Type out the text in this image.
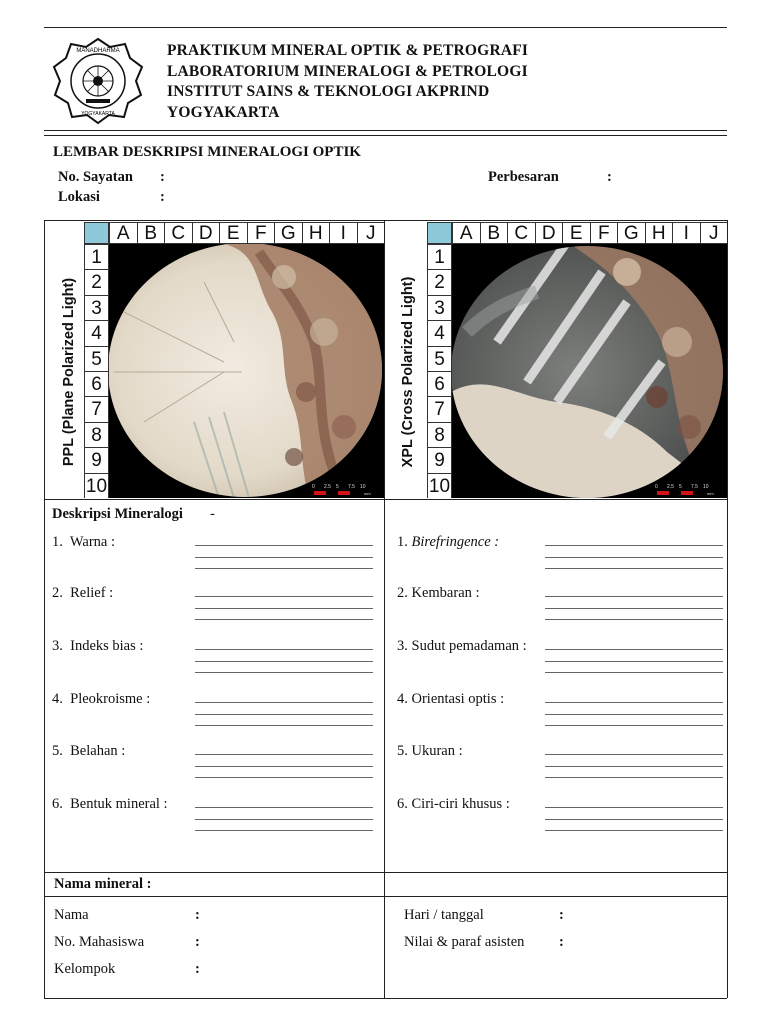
MANADHARMA
YOGYAKARTA
PRAKTIKUM MINERAL OPTIK & PETROGRAFI
LABORATORIUM MINERALOGI & PETROLOGI
INSTITUT SAINS & TEKNOLOGI AKPRIND
YOGYAKARTA
LEMBAR DESKRIPSI MINERALOGI OPTIK
No. Sayatan :
Lokasi	:
Perbesaran	:
PPL (Plane Polarized Light)	XPL (Cross Polarized Light)
A B C D E F G H I	J
1
2
3
4
5
6
7
8
9
10	0 2.5 5 7.5 10
mm
A B C D E F G H I	J
1
2
3
4
5
6
7
8
9
10	0 2.5 5 7.5 10
mm
Deskripsi Mineralogi -
1.  Warna :
2.  Relief :
3.  Indeks bias :
4.  Pleokroisme :
5.  Belahan :
6.  Bentuk mineral :
1. Birefringence :
2. Kembaran :
3. Sudut pemadaman :
4. Orientasi optis :
5. Ukuran :
6. Ciri-ciri khusus :
Nama mineral :
Nama	:
No. Mahasiswa	:
Kelompok	:
Hari / tanggal	:
Nilai & paraf asisten :
